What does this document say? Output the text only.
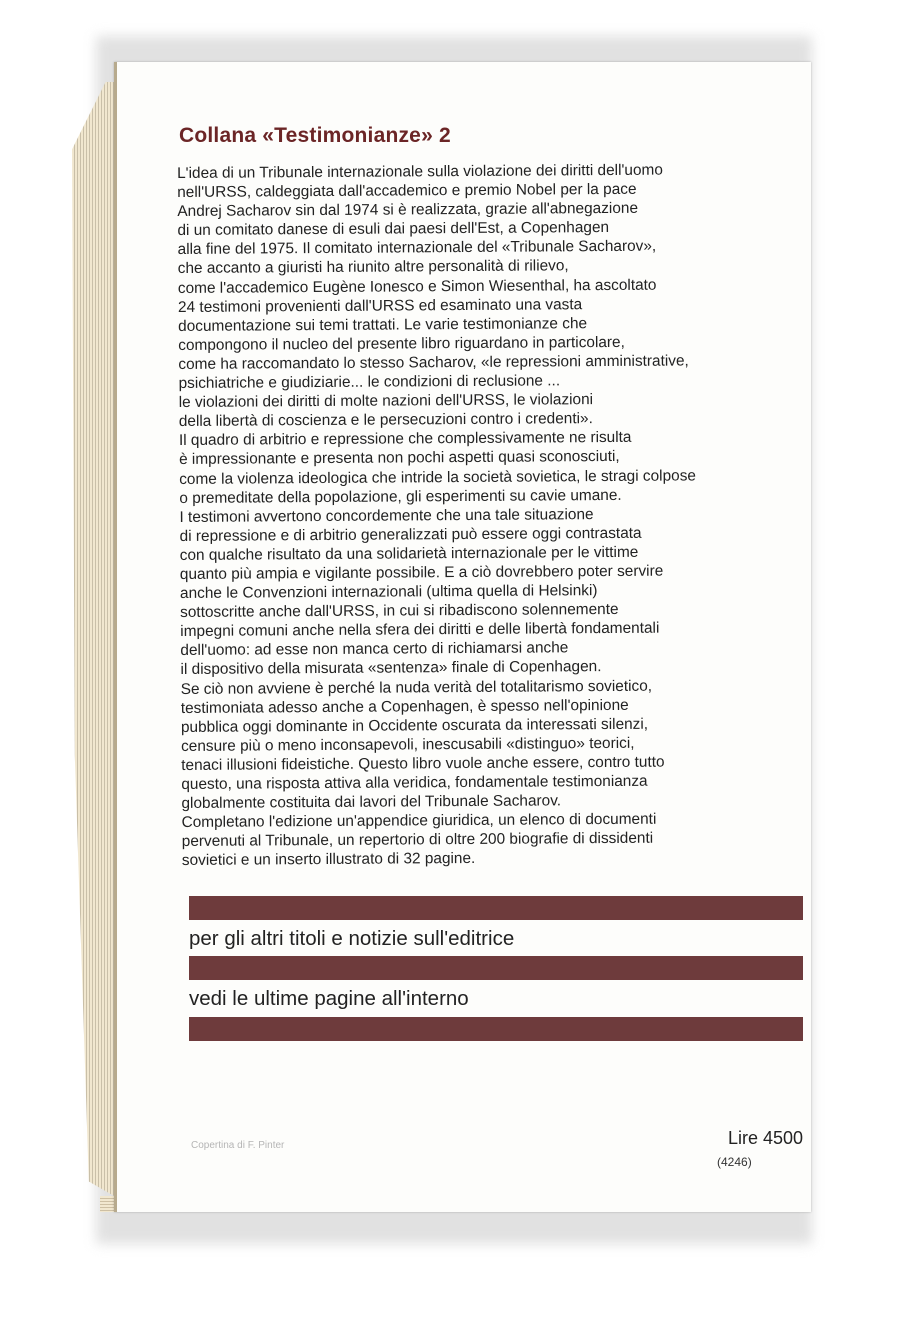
Collana «Testimonianze» 2
L'idea di un Tribunale internazionale sulla violazione dei diritti dell'uomo
nell'URSS, caldeggiata dall'accademico e premio Nobel per la pace
Andrej Sacharov sin dal 1974 si è realizzata, grazie all'abnegazione
di un comitato danese di esuli dai paesi dell'Est, a Copenhagen
alla fine del 1975. Il comitato internazionale del «Tribunale Sacharov»,
che accanto a giuristi ha riunito altre personalità di rilievo,
come l'accademico Eugène Ionesco e Simon Wiesenthal, ha ascoltato
24 testimoni provenienti dall'URSS ed esaminato una vasta
documentazione sui temi trattati. Le varie testimonianze che
compongono il nucleo del presente libro riguardano in particolare,
come ha raccomandato lo stesso Sacharov, «le repressioni amministrative,
psichiatriche e giudiziarie... le condizioni di reclusione ...
le violazioni dei diritti di molte nazioni dell'URSS, le violazioni
della libertà di coscienza e le persecuzioni contro i credenti».
Il quadro di arbitrio e repressione che complessivamente ne risulta
è impressionante e presenta non pochi aspetti quasi sconosciuti,
come la violenza ideologica che intride la società sovietica, le stragi colpose
o premeditate della popolazione, gli esperimenti su cavie umane.
I testimoni avvertono concordemente che una tale situazione
di repressione e di arbitrio generalizzati può essere oggi contrastata
con qualche risultato da una solidarietà internazionale per le vittime
quanto più ampia e vigilante possibile. E a ciò dovrebbero poter servire
anche le Convenzioni internazionali (ultima quella di Helsinki)
sottoscritte anche dall'URSS, in cui si ribadiscono solennemente
impegni comuni anche nella sfera dei diritti e delle libertà fondamentali
dell'uomo: ad esse non manca certo di richiamarsi anche
il dispositivo della misurata «sentenza» finale di Copenhagen.
Se ciò non avviene è perché la nuda verità del totalitarismo sovietico,
testimoniata adesso anche a Copenhagen, è spesso nell'opinione
pubblica oggi dominante in Occidente oscurata da interessati silenzi,
censure più o meno inconsapevoli, inescusabili «distinguo» teorici,
tenaci illusioni fideistiche. Questo libro vuole anche essere, contro tutto
questo, una risposta attiva alla veridica, fondamentale testimonianza
globalmente costituita dai lavori del Tribunale Sacharov.
Completano l'edizione un'appendice giuridica, un elenco di documenti
pervenuti al Tribunale, un repertorio di oltre 200 biografie di dissidenti
sovietici e un inserto illustrato di 32 pagine.
per gli altri titoli e notizie sull'editrice
vedi le ultime pagine all'interno
Copertina di F. Pinter	Lire 4500
(4246)
